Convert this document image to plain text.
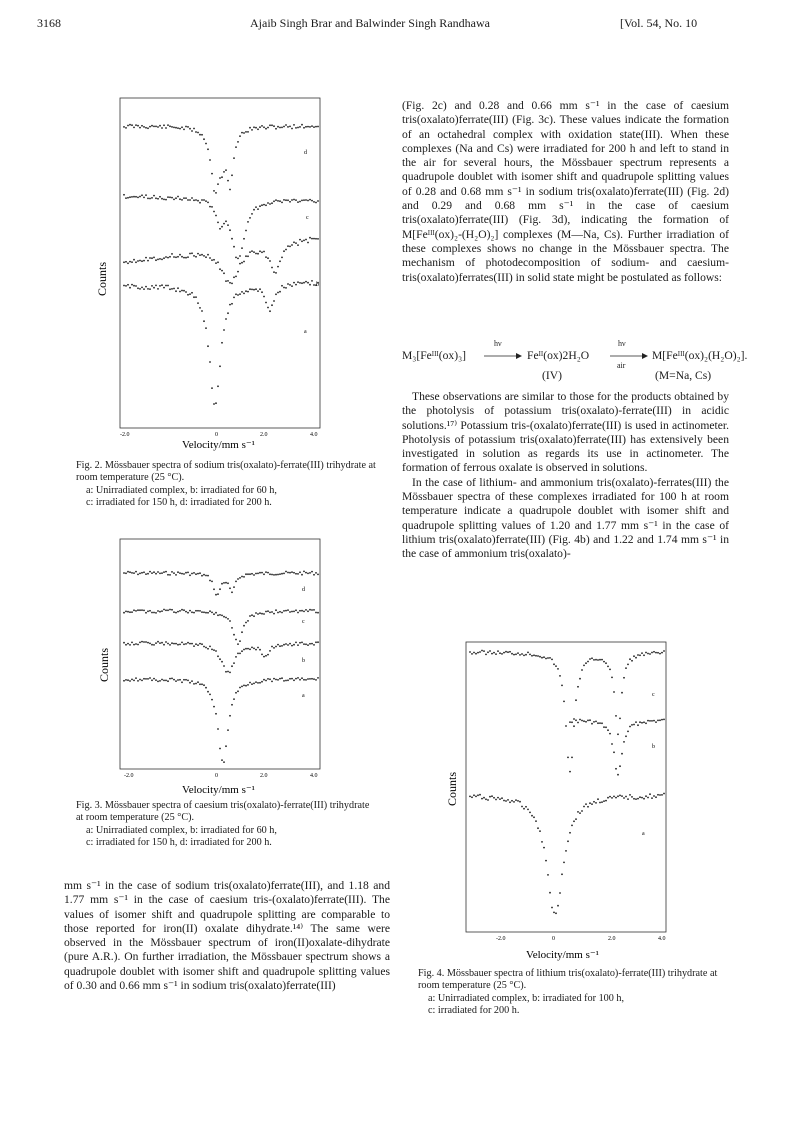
3168	Ajaib Singh Brar and Balwinder Singh Randhawa	[Vol. 54, No. 10
Counts
Velocity/mm s⁻¹
-2.0	0	2.0	4.0
d
c
b
a

Fig. 2. Mössbauer spectra of sodium tris(oxalato)-ferrate(III) trihydrate at room temperature (25 °C).

a: Unirradiated complex, b: irradiated for 60 h,

c: irradiated for 150 h, d: irradiated for 200 h.

Counts
Velocity/mm s⁻¹
-2.0	0	2.0	4.0
d
c
b
a

Fig. 3. Mössbauer spectra of caesium tris(oxalato)-ferrate(III) trihydrate at room temperature (25 °C).

a: Unirradiated complex, b: irradiated for 60 h,

c: irradiated for 150 h, d: irradiated for 200 h.

mm s⁻¹ in the case of sodium tris(oxalato)ferrate(III), and 1.18 and 1.77 mm s⁻¹ in the case of caesium tris-(oxalato)ferrate(III). The values of isomer shift and quadrupole splitting are comparable to those reported for iron(II) oxalate dihydrate.¹⁴⁾ The same were observed in the Mössbauer spectrum of iron(II)oxalate-dihydrate (pure A.R.). On further irradiation, the Mössbauer spectrum shows a quadrupole doublet with isomer shift and quadrupole splitting values of 0.30 and 0.66 mm s⁻¹ in sodium tris(oxalato)ferrate(III)

(Fig. 2c) and 0.28 and 0.66 mm s⁻¹ in the case of caesium tris(oxalato)ferrate(III) (Fig. 3c). These values indicate the formation of an octahedral complex with oxidation state(III). When these complexes (Na and Cs) were irradiated for 200 h and left to stand in the air for several hours, the Mössbauer spectrum represents a quadrupole doublet with isomer shift and quadrupole splitting values of 0.28 and 0.68 mm s⁻¹ in sodium tris(oxalato)ferrate(III) (Fig. 2d) and 0.29 and 0.68 mm s⁻¹ in the case of caesium tris(oxalato)ferrate(III) (Fig. 3d), indicating the formation of M[Feᴵᴵᴵ(ox)₂-(H₂O)₂] complexes (M—Na, Cs). Further irradiation of these complexes shows no change in the Mössbauer spectra. The mechanism of photodecomposition of sodium- and caesium-tris(oxalato)ferrates(III) in solid state might be postulated as follows:

M₃[Feᴵᴵᴵ(ox)₃]
hν
Feᴵᴵ(ox)2H₂O
hν
air
M[Feᴵᴵᴵ(ox)₂(H₂O)₂].
(IV)	(M=Na, Cs)

These observations are similar to those for the products obtained by the photolysis of potassium tris(oxalato)-ferrate(III) in acidic solutions.¹⁷⁾ Potassium tris-(oxalato)ferrate(III) is used in actinometer. Photolysis of potassium tris(oxalato)ferrate(III) has extensively been investigated in solution as regards its use in actinometer. The formation of ferrous oxalate is observed in solutions.

In the case of lithium- and ammonium tris(oxalato)-ferrates(III) the Mössbauer spectra of these complexes irradiated for 100 h at room temperature indicate a quadrupole doublet with isomer shift and quadrupole splitting values of 1.20 and 1.77 mm s⁻¹ in the case of lithium tris(oxalato)ferrate(III) (Fig. 4b) and 1.22 and 1.74 mm s⁻¹ in the case of ammonium tris(oxalato)-

Counts
Velocity/mm s⁻¹
-2.0	0	2.0	4.0
c
b
a

Fig. 4. Mössbauer spectra of lithium tris(oxalato)-ferrate(III) trihydrate at room temperature (25 °C).

a: Unirradiated complex, b: irradiated for 100 h,

c: irradiated for 200 h.
